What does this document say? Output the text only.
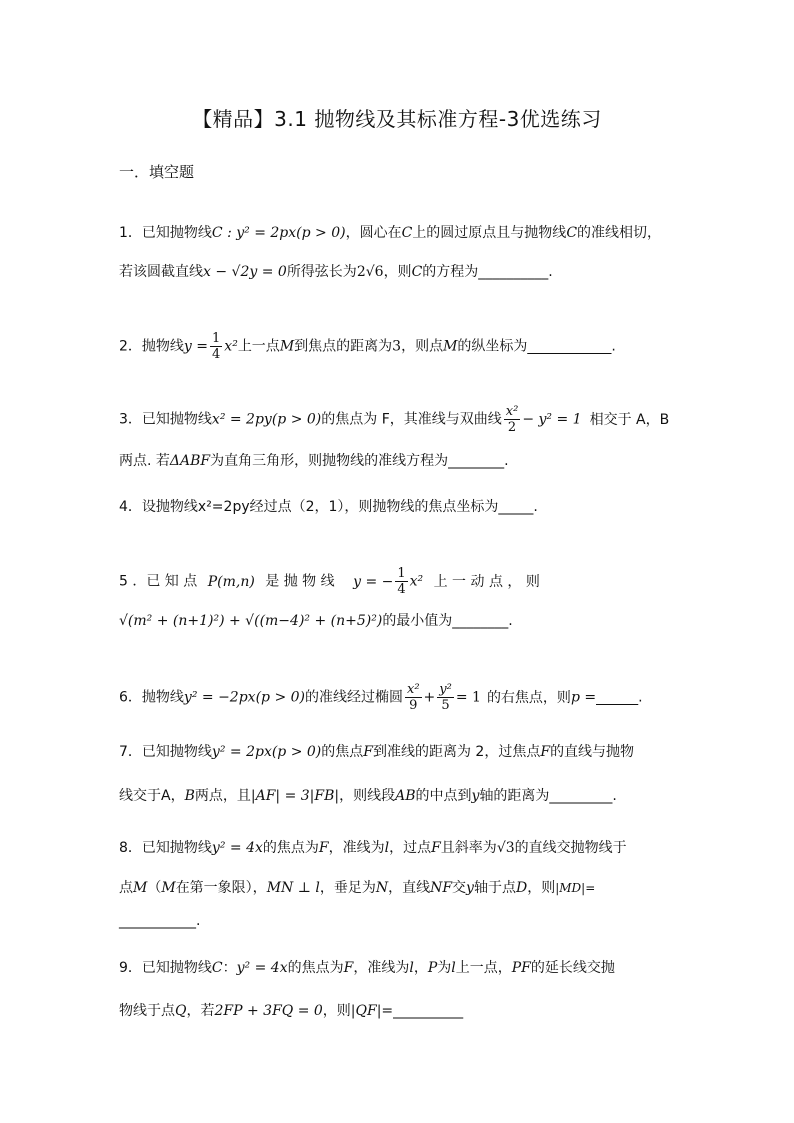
【精品】3.1 抛物线及其标准方程-3优选练习
一．填空题
1．已知抛物线C : y² = 2px(p > 0)，圆心在C上的圆过原点且与抛物线C的准线相切，
若该圆截直线x − √2y = 0所得弦长为2√6，则C的方程为__________.
2．抛物线$y = \frac{1}{4} x^2$上一点M到焦点的距离为3，则点M的纵坐标为____________.
3．已知抛物线x² = 2py(p > 0)的焦点为 F，其准线与双曲线 $\frac{\text{x²}}{2} - y^2 = 1$ 相交于 A，B
两点. 若ΔABF为直角三角形，则抛物线的准线方程为________.
4．设抛物线x²=2py经过点（2，1），则抛物线的焦点坐标为_____.
5 ．已 知 点 P(m,n) 是 抛 物 线 y = − $\frac{1}{4} x^2$ 上 一 动 点 ， 则
√(m² + (n+1)²) + √((m−4)² + (n+5)²)的最小值为________.
6．抛物线y² = −2px(p > 0)的准线经过椭圆 $\frac{\text{x²}}{9} + \frac{\text{y²}}{5} = 1$ 的右焦点，则p =______.
7．已知抛物线y² = 2px(p > 0)的焦点F到准线的距离为 2，过焦点F的直线与抛物
线交于A，B两点，且|AF| = 3|FB|，则线段AB的中点到y轴的距离为_________.
8．已知抛物线y² = 4x的焦点为F，准线为l，过点F且斜率为√3的直线交抛物线于
点M（M在第一象限），MN ⊥ l，垂足为N，直线NF交y轴于点D，则|MD|=
___________.
9．已知抛物线C：y² = 4x的焦点为F，准线为l，P为l上一点，PF的延长线交抛
物线于点Q，若2FP + 3FQ = 0，则|QF|=__________
